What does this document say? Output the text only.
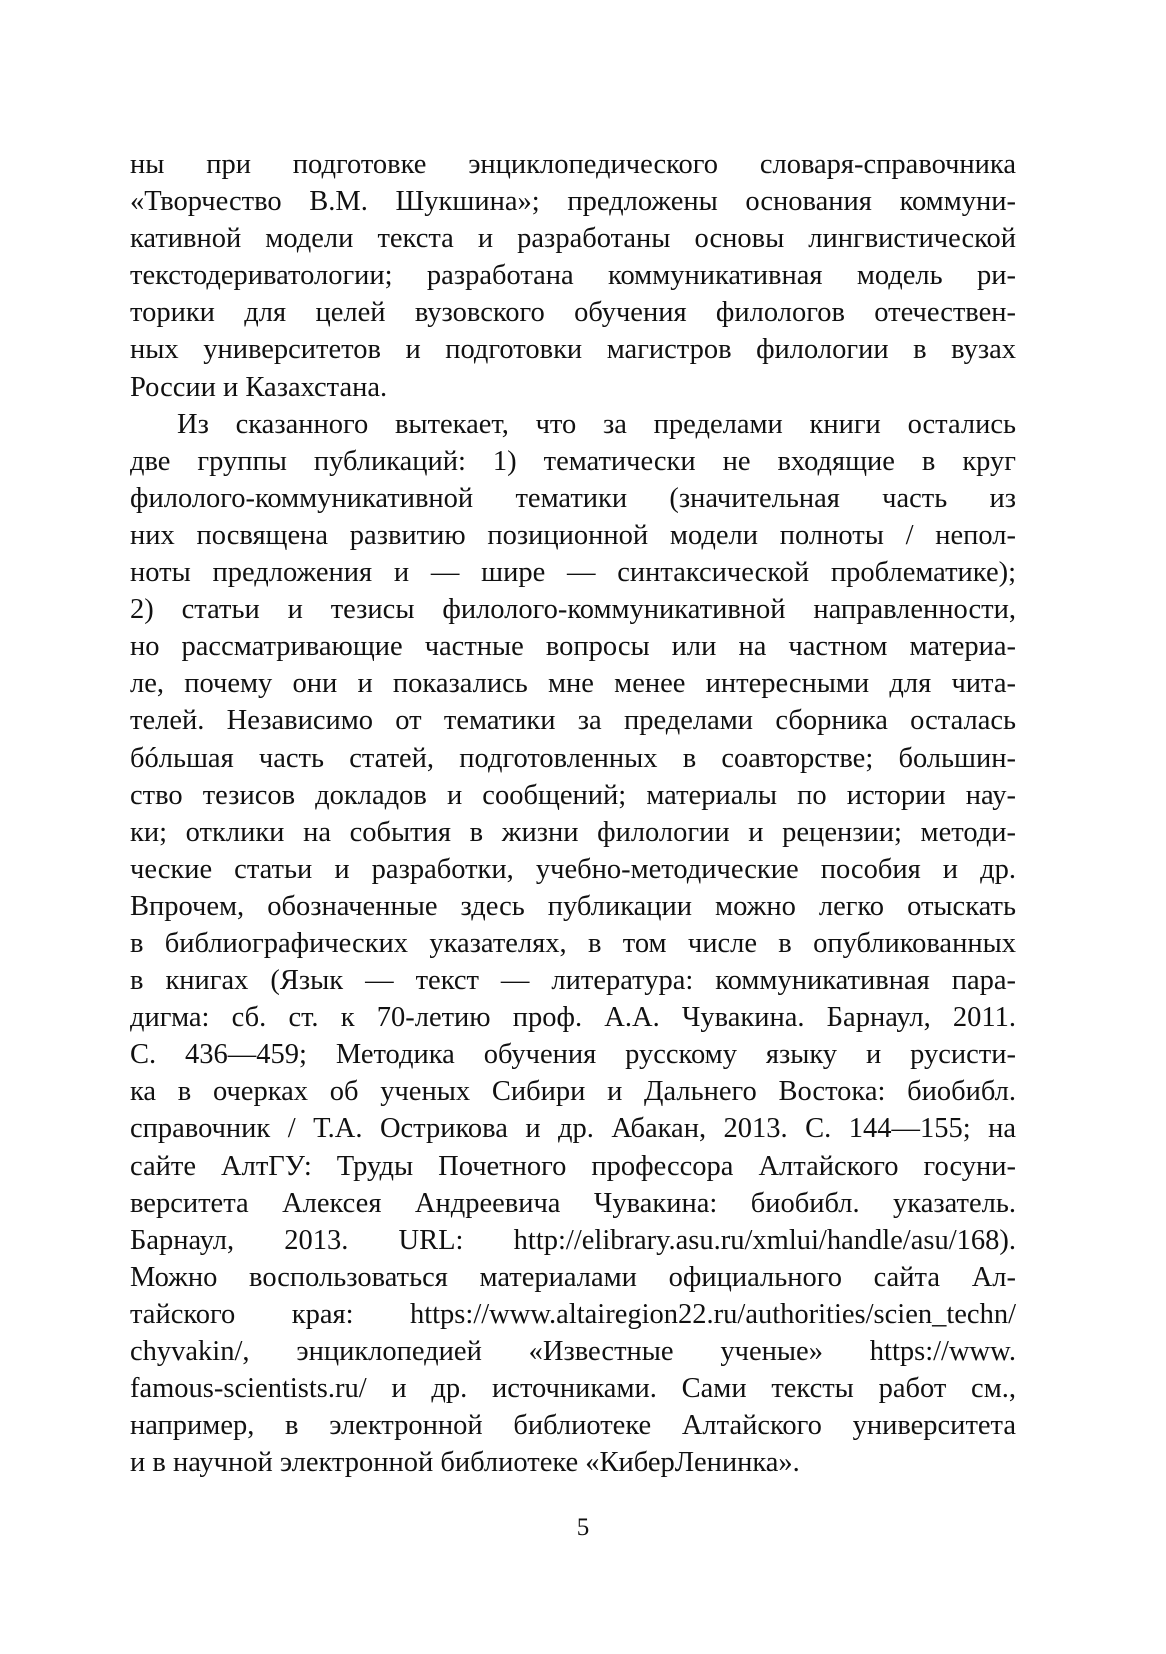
ны при подготовке энциклопедического словаря-справочника
«Творчество В.М. Шукшина»; предложены основания коммуни-
кативной модели текста и разработаны основы лингвистической
текстодериватологии; разработана коммуникативная модель ри-
торики для целей вузовского обучения филологов отечествен-
ных университетов и подготовки магистров филологии в вузах
России и Казахстана.
Из сказанного вытекает, что за пределами книги остались
две группы публикаций: 1) тематически не входящие в круг
филолого-коммуникативной тематики (значительная часть из
них посвящена развитию позиционной модели полноты / непол-
ноты предложения и — шире — синтаксической проблематике);
2) статьи и тезисы филолого-коммуникативной направленности,
но рассматривающие частные вопросы или на частном материа-
ле, почему они и показались мне менее интересными для чита-
телей. Независимо от тематики за пределами сборника осталась
бóльшая часть статей, подготовленных в соавторстве; большин-
ство тезисов докладов и сообщений; материалы по истории нау-
ки; отклики на события в жизни филологии и рецензии; методи-
ческие статьи и разработки, учебно-методические пособия и др.
Впрочем, обозначенные здесь публикации можно легко отыскать
в библиографических указателях, в том числе в опубликованных
в книгах (Язык — текст — литература: коммуникативная пара-
дигма: сб. ст. к 70-летию проф. А.А. Чувакина. Барнаул, 2011.
С. 436—459; Методика обучения русскому языку и русисти-
ка в очерках об ученых Сибири и Дальнего Востока: биобибл.
справочник / Т.А. Острикова и др. Абакан, 2013. С. 144—155; на
сайте АлтГУ: Труды Почетного профессора Алтайского госуни-
верситета Алексея Андреевича Чувакина: биобибл. указатель.
Барнаул, 2013. URL: http://elibrary.asu.ru/xmlui/handle/asu/168).
Можно воспользоваться материалами официального сайта Ал-
тайского края: https://www.altairegion22.ru/authorities/scien_techn/
chyvakin/, энциклопедией «Известные ученые» https://www.
famous-scientists.ru/ и др. источниками. Сами тексты работ см.,
например, в электронной библиотеке Алтайского университета
и в научной электронной библиотеке «КиберЛенинка».
5
